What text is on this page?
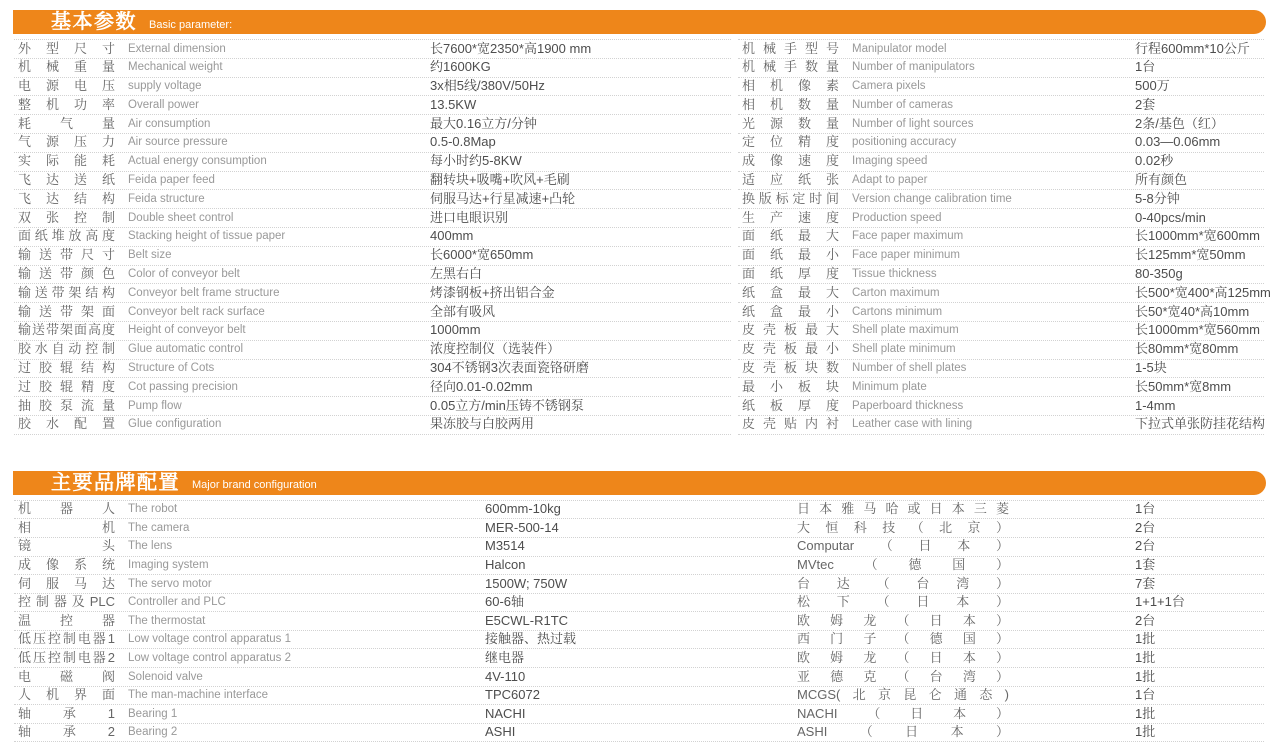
基本参数 Basic parameter:
外型尺寸 External dimension	长7600*宽2350*高1900 mm
机械重量 Mechanical weight	约1600KG
电源电压 supply voltage	3x相5线/380V/50Hz
整机功率 Overall power	13.5KW
耗气量 Air consumption	最大0.16立方/分钟
气源压力 Air source pressure	0.5-0.8Map
实际能耗 Actual energy consumption	每小时约5-8KW
飞达送纸 Feida paper feed	翻转块+吸嘴+吹风+毛刷
飞达结构 Feida structure	伺服马达+行星减速+凸轮
双张控制 Double sheet control	进口电眼识别
面纸堆放高度 Stacking height of tissue paper	400mm
输送带尺寸 Belt size	长6000*宽650mm
输送带颜色 Color of conveyor belt	左黑右白
输送带架结构 Conveyor belt frame structure	烤漆钢板+挤出铝合金
输送带架面 Conveyor belt rack surface	全部有吸风
输送带架面高度 Height of conveyor belt	1000mm
胶水自动控制 Glue automatic control	浓度控制仪（选装件）
过胶辊结构 Structure of Cots	304不锈钢3次表面瓷铬研磨
过胶辊精度 Cot passing precision	径向0.01-0.02mm
抽胶泵流量 Pump flow	0.05立方/min压铸不锈钢泵
胶水配置 Glue configuration	果冻胶与白胶两用
机械手型号 Manipulator model	行程600mm*10公斤
机械手数量 Number of manipulators	1台
相机像素 Camera pixels	500万
相机数量 Number of cameras	2套
光源数量 Number of light sources	2条/基色（红）
定位精度 positioning accuracy	0.03—0.06mm
成像速度 Imaging speed	0.02秒
适应纸张 Adapt to paper	所有颜色
换版标定时间 Version change calibration time	5-8分钟
生产速度 Production speed	0-40pcs/min
面纸最大 Face paper maximum	长1000mm*宽600mm
面纸最小 Face paper minimum	长125mm*宽50mm
面纸厚度 Tissue thickness	80-350g
纸盒最大 Carton maximum	长500*宽400*高125mm
纸盒最小 Cartons minimum	长50*宽40*高10mm
皮壳板最大 Shell plate maximum	长1000mm*宽560mm
皮壳板最小 Shell plate minimum	长80mm*宽80mm
皮壳板块数 Number of shell plates	1-5块
最小板块 Minimum plate	长50mm*宽8mm
纸板厚度 Paperboard thickness	1-4mm
皮壳贴内衬 Leather case with lining	下拉式单张防挂花结构
主要品牌配置 Major brand configuration
机器人 The robot	600mm-10kg	日本雅马哈或日本三菱	1台
相机 The camera	MER-500-14	大恒科技（北京）	2台
镜头 The lens	M3514	Computar（日本）	2台
成像系统 Imaging system	Halcon	MVtec（德国）	1套
伺服马达 The servo motor	1500W; 750W	台达（台湾）	7套
控制器及PLC Controller and PLC	60-6轴	松下（日本）	1+1+1台
温控器 The thermostat	E5CWL-R1TC	欧姆龙（日本）	2台
低压控制电器1 Low voltage control apparatus 1	接触器、热过载	西门子（德国）	1批
低压控制电器2 Low voltage control apparatus 2	继电器	欧姆龙（日本）	1批
电磁阀 Solenoid valve	4V-110	亚德克（台湾）	1批
人机界面 The man-machine interface	TPC6072	MCGS(北京昆仑通态)	1台
轴承1 Bearing 1	NACHI	NACHI（日本）	1批
轴承2 Bearing 2	ASHI	ASHI（日本）	1批
